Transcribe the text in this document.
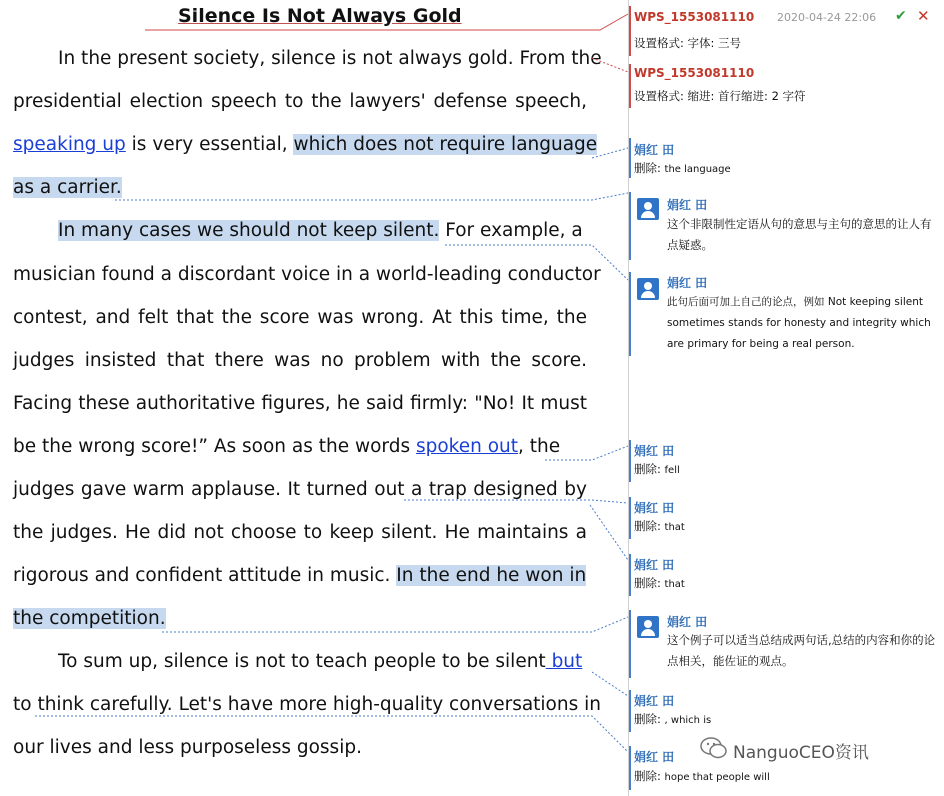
Silence Is Not Always Gold
In the present society, silence is not always gold. From the
presidential election speech to the lawyers' defense speech,
speaking up is very essential, which does not require language
as a carrier.
In many cases we should not keep silent. For example, a
musician found a discordant voice in a world-leading conductor
contest, and felt that the score was wrong. At this time, the
judges insisted that there was no problem with the score.
Facing these authoritative figures, he said firmly: "No! It must
be the wrong score!” As soon as the words spoken out, the
judges gave warm applause. It turned out a trap designed by
the judges. He did not choose to keep silent. He maintains a
rigorous and confident attitude in music. In the end he won in
the competition.
To sum up, silence is not to teach people to be silent but
to think carefully. Let's have more high-quality conversations in
our lives and less purposeless gossip.
WPS_1553081110 2020-04-24 22:06 ✔ ✕
设置格式: 字体: 三号
WPS_1553081110
设置格式: 缩进: 首行缩进: 2 字符
娟红 田
删除: the language
娟红 田
这个非限制性定语从句的意思与主句的意思的让人有点疑惑。
娟红 田
此句后面可加上自己的论点，例如 Not keeping silent sometimes stands for honesty and integrity which are primary for being a real person.
娟红 田
删除: fell
娟红 田
删除: that
娟红 田
删除: that
娟红 田
这个例子可以适当总结成两句话,总结的内容和你的论点相关，能佐证的观点。
娟红 田
删除: , which is
娟红 田
删除: hope that people will
NanguoCEO资讯
